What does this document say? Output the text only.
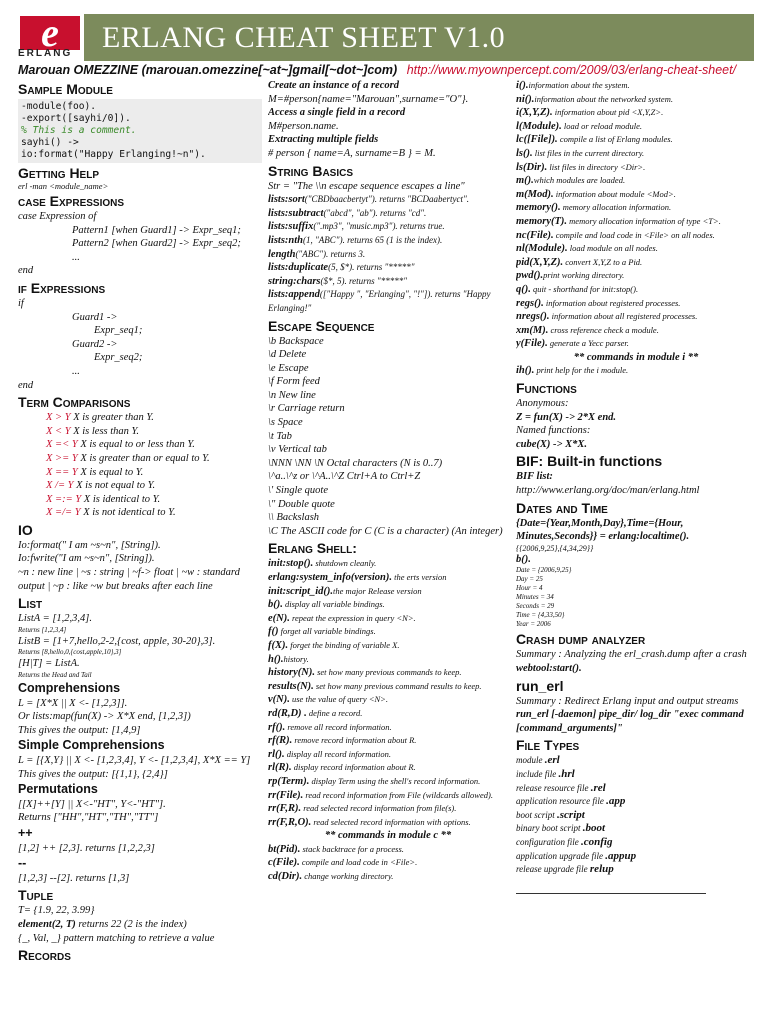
e
ERLANG ERLANG CHEAT SHEET V1.0
Marouan OMEZZINE (marouan.omezzine[~at~]gmail[~dot~]com) http://www.myownpercept.com/2009/03/erlang-cheat-sheet/
Sample Module
-module(foo).
-export([sayhi/0]).
% This is a comment.
sayhi() ->
io:format("Happy Erlanging!~n").
Getting Help

erl -man <module_name>

case Expressions

case Expression of

Pattern1 [when Guard1] -> Expr_seq1;

Pattern2 [when Guard2] -> Expr_seq2;

...

end

if Expressions

if

Guard1 ->

Expr_seq1;

Guard2 ->

Expr_seq2;

...

end

Term Comparisons

X > Y X is greater than Y.

X < Y X is less than Y.

X =< Y X is equal to or less than Y.

X >= Y X is greater than or equal to Y.

X == Y X is equal to Y.

X /= Y X is not equal to Y.

X =:= Y X is identical to Y.

X =/= Y X is not identical to Y.

IO

Io:format(" I am ~s~n", [String]).

Io:fwrite("I am ~s~n", [String]).

~n : new line | ~s : string | ~f-> float | ~w : standard output | ~p : like ~w but breaks after each line

List

ListA = [1,2,3,4].

Returns [1,2,3,4]

ListB = [1+7,hello,2-2,{cost, apple, 30-20},3].

Returns [8,hello,0,{cost,apple,10},3]

[H|T] = ListA.

Returns the Head and Tail

Comprehensions

L = [X*X || X <- [1,2,3]].

Or lists:map(fun(X) -> X*X end, [1,2,3])

This gives the output: [1,4,9]

Simple Comprehensions

L = [{X,Y} || X <- [1,2,3,4], Y <- [1,2,3,4], X*X == Y]

This gives the output: [{1,1}, {2,4}]

Permutations

[[X]++[Y] || X<-"HT", Y<-"HT"].

Returns ["HH","HT","TH","TT"]

++

[1,2] ++ [2,3]. returns [1,2,2,3]

--

[1,2,3] --[2]. returns [1,3]

Tuple

T= {1.9, 22, 3.99}

element(2, T) returns 22 (2 is the index)

{_, Val, _} pattern matching to retrieve a value

Records

Create an instance of a record

M=#person{name="Marouan",surname="O"}.

Access a single field in a record

M#person.name.

Extracting multiple fields

# person { name=A, surname=B } = M.

String Basics

Str = "The \\n escape sequence escapes a line"

lists:sort("CBDbaacbertyt"). returns "BCDaabertyct".

lists:subtract("abcd", "ab"). returns "cd".

lists:suffix(".mp3", "music.mp3"). returns true.

lists:nth(1, "ABC"). returns 65 (1 is the index).

length("ABC"). returns 3.

lists:duplicate(5, $*). returns "*****"

string:chars($*, 5). returns "*****"

lists:append(["Happy ", "Erlanging", "!"]). returns "Happy Erlanging!"

Escape Sequence

\b Backspace

\d Delete

\e Escape

\f Form feed

\n New line

\r Carriage return

\s Space

\t Tab

\v Vertical tab

\NNN \NN \N Octal characters (N is 0..7)

\^a..\^z or \^A..\^Z Ctrl+A to Ctrl+Z

\' Single quote

\" Double quote

\\ Backslash

\C The ASCII code for C (C is a character) (An integer)

Erlang Shell:

init:stop(). shutdown cleanly.

erlang:system_info(version). the erts version

init:script_id().the major Release version

b(). display all variable bindings.

e(N). repeat the expression in query <N>.

f() forget all variable bindings.

f(X). forget the binding of variable X.

h().history.

history(N). set how many previous commands to keep.

results(N). set how many previous command results to keep.

v(N). use the value of query <N>.

rd(R,D) . define a record.

rf(). remove all record information.

rf(R). remove record information about R.

rl(). display all record information.

rl(R). display record information about R.

rp(Term). display Term using the shell's record information.

rr(File). read record information from File (wildcards allowed).

rr(F,R). read selected record information from file(s).

rr(F,R,O). read selected record information with options.

** commands in module c **

bt(Pid). stack backtrace for a process.

c(File). compile and load code in <File>.

cd(Dir). change working directory.

i().information about the system.

ni().information about the networked system.

i(X,Y,Z). information about pid <X,Y,Z>.

l(Module). load or reload module.

lc([File]). compile a list of Erlang modules.

ls(). list files in the current directory.

ls(Dir). list files in directory <Dir>.

m().which modules are loaded.

m(Mod). information about module <Mod>.

memory(). memory allocation information.

memory(T). memory allocation information of type <T>.

nc(File). compile and load code in <File> on all nodes.

nl(Module). load module on all nodes.

pid(X,Y,Z). convert X,Y,Z to a Pid.

pwd().print working directory.

q(). quit - shorthand for init:stop().

regs(). information about registered processes.

nregs(). information about all registered processes.

xm(M). cross reference check a module.

y(File). generate a Yecc parser.

** commands in module i **

ih(). print help for the i module.

Functions

Anonymous:

Z = fun(X) -> 2*X end.

Named functions:

cube(X) -> X*X.

BIF: Built-in functions

BIF list:

http://www.erlang.org/doc/man/erlang.html

Dates and Time

{Date={Year,Month,Day},Time={Hour, Minutes,Seconds}} = erlang:localtime().

{{2006,9,25},{4,34,29}}

b().

Date = {2006,9,25}

Day = 25

Hour = 4

Minutes = 34

Seconds = 29

Time = {4,33,50}

Year = 2006

Crash dump analyzer

Summary : Analyzing the erl_crash.dump after a crash

webtool:start().

run_erl

Summary : Redirect Erlang input and output streams

run_erl [-daemon] pipe_dir/ log_dir "exec command [command_arguments]"

File Types

module .erl

include file .hrl

release resource file .rel

application resource file .app

boot script .script

binary boot script .boot

configuration file .config

application upgrade file .appup

release upgrade file relup
